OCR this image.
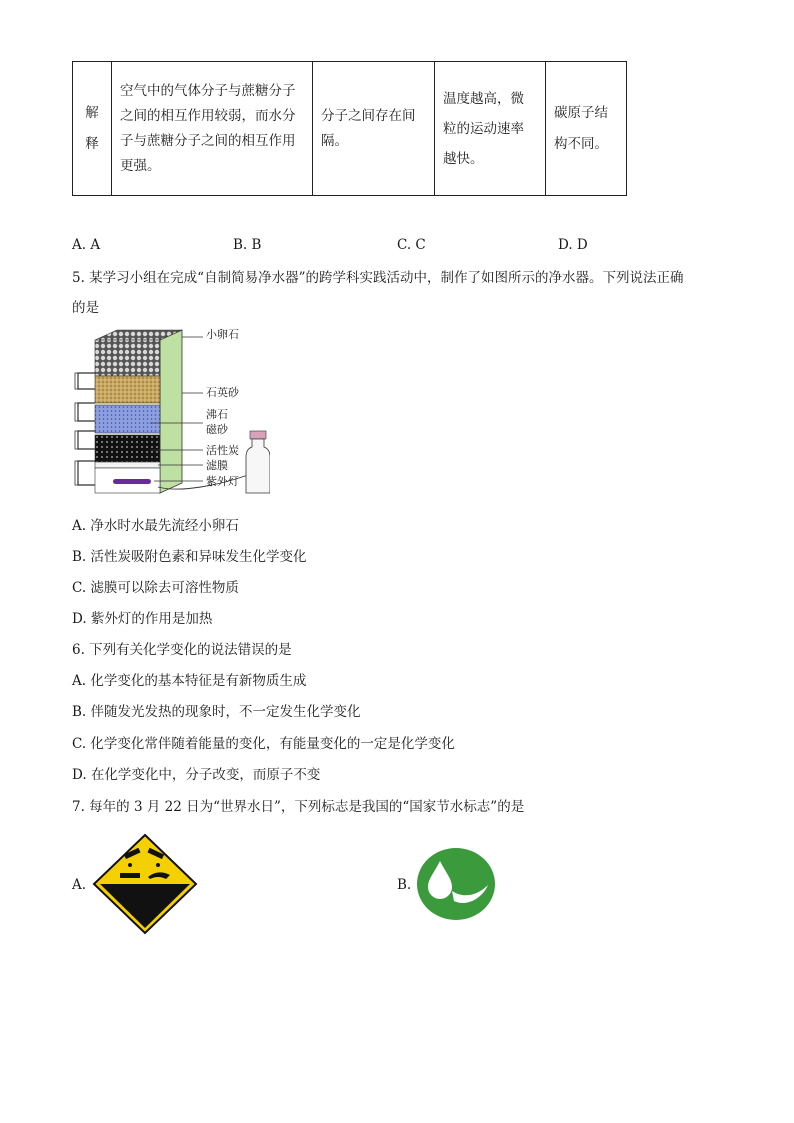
解释

空气中的气体分子与蔗糖分子之间的相互作用较弱，而水分子与蔗糖分子之间的相互作用更强。

分子之间存在间隔。

温度越高，微粒的运动速率越快。

碳原子结构不同。
A. A	B. B	C. C	D. D
5. 某学习小组在完成“自制简易净水器”的跨学科实践活动中，制作了如图所示的净水器。下列说法正确
的是
小卵石
石英砂
沸石
磁砂
活性炭
滤膜
紫外灯
A. 净水时水最先流经小卵石
B. 活性炭吸附色素和异味发生化学变化
C. 滤膜可以除去可溶性物质
D. 紫外灯的作用是加热
6. 下列有关化学变化的说法错误的是
A. 化学变化的基本特征是有新物质生成
B. 伴随发光发热的现象时，不一定发生化学变化
C. 化学变化常伴随着能量的变化，有能量变化的一定是化学变化
D. 在化学变化中，分子改变，而原子不变
7. 每年的 3 月 22 日为“世界水日”，下列标志是我国的“国家节水标志”的是
A.	B.
